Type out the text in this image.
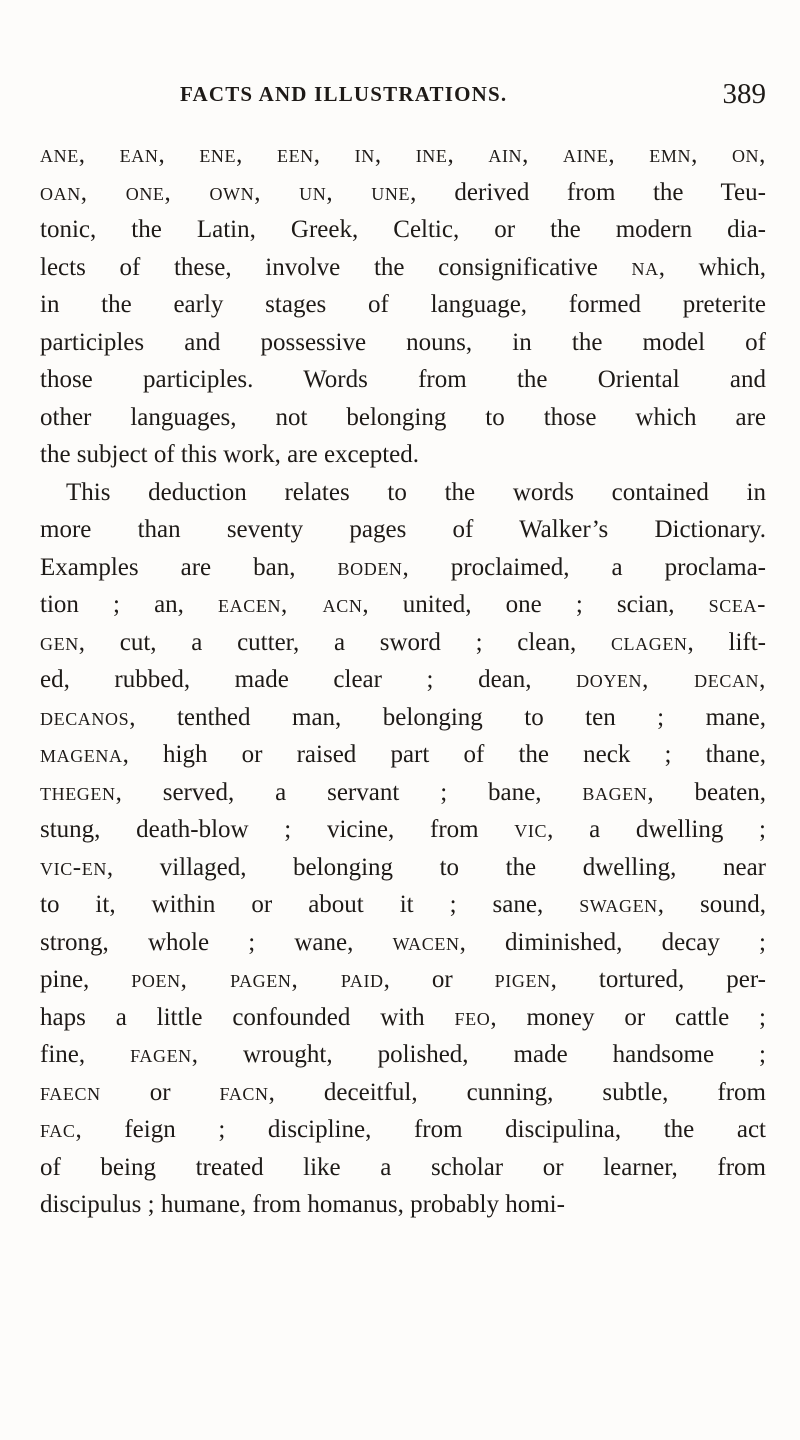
FACTS AND ILLUSTRATIONS.	389
ane, ean, ene, een, in, ine, ain, aine, emn, on,
oan, one, own, un, une, derived from the Teu-
tonic, the Latin, Greek, Celtic, or the modern dia-
lects of these, involve the consignificative na, which,
in the early stages of language, formed preterite
participles and possessive nouns, in the model of
those participles. Words from the Oriental and
other languages, not belonging to those which are
the subject of this work, are excepted.
This deduction relates to the words contained in
more than seventy pages of Walker’s Dictionary.
Examples are ban, boden, proclaimed, a proclama-
tion ; an, eacen, acn, united, one ; scian, scea-
gen, cut, a cutter, a sword ; clean, clagen, lift-
ed, rubbed, made clear ; dean, doyen, decan,
decanos, tenthed man, belonging to ten ; mane,
magena, high or raised part of the neck ; thane,
thegen, served, a servant ; bane, bagen, beaten,
stung, death-blow ; vicine, from vic, a dwelling ;
vic-en, villaged, belonging to the dwelling, near
to it, within or about it ; sane, swagen, sound,
strong, whole ; wane, wacen, diminished, decay ;
pine, poen, pagen, paid, or pigen, tortured, per-
haps a little confounded with feo, money or cattle ;
fine, fagen, wrought, polished, made handsome ;
faecn or facn, deceitful, cunning, subtle, from
fac, feign ; discipline, from discipulina, the act
of being treated like a scholar or learner, from
discipulus ; humane, from homanus, probably homi-
